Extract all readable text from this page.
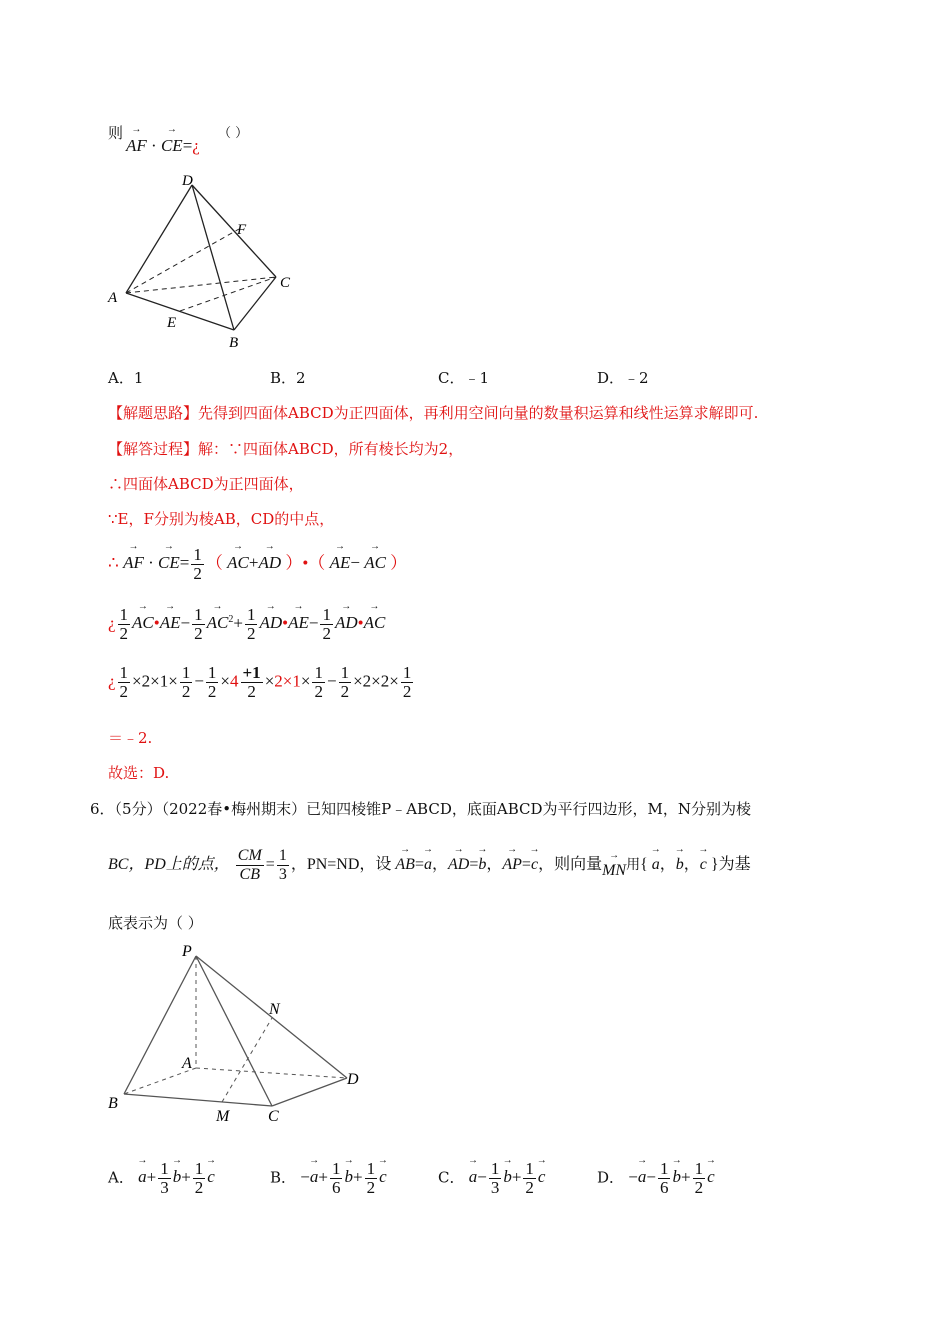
则
→ AF · → CE=¿
（ ）
D
F
A
C
E
B
A．1	B．2	C．﹣1	D．﹣2
【解题思路】先得到四面体ABCD为正四面体，再利用空间向量的数量积运算和线性运算求解即可.
【解答过程】解：∵四面体ABCD，所有棱长均为2，
∴四面体ABCD为正四面体，
∵E，F分别为棱AB，CD的中点，
∴ → AF · → $CE= \frac{1}{2}$ （ → AC+→ AD ）•（ → AE− → AC ）
¿ $\frac{1}{2}$
→ AC•→ $AE- \frac{1}{2}$
→ $AC^2+ \frac{1}{2}$
→ AD•→ $AE- \frac{1}{2}$
→ AD•→ AC
¿ $\frac{1}{2} \times 2\times 1\times \frac{1}{2} - \frac{1}{2} \times 4 \frac{+1}{2} \times 2\times 1\times \frac{1}{2} - \frac{1}{2} \times 2\times 2\times \frac{1}{2}$
＝﹣2.
故选：D.
6．（5分）（2022春•梅州期末）已知四棱锥P﹣ABCD，底面ABCD为平行四边形，M，N分别为棱
BC，PD上的点， $\frac{CM}{CB} = \frac{1}{3}$ ，PN=ND，设 → AB=→ a，→ AD=→ b，→ AP=→ c，则向量→ MN用{ → a，→ b，→ c }为基
底表示为（ ）
P
N
A
D
B
M C
A． → $a+ \frac{1}{3}$
→ $b+ \frac{1}{2}$
→ c	B． −→ $a+ \frac{1}{6}$
→ $b+ \frac{1}{2}$
→ c	C． → $a- \frac{1}{3}$
→ $b+ \frac{1}{2}$
→ c	D． −→ $a- \frac{1}{6}$
→ $b+ \frac{1}{2}$
→ c
